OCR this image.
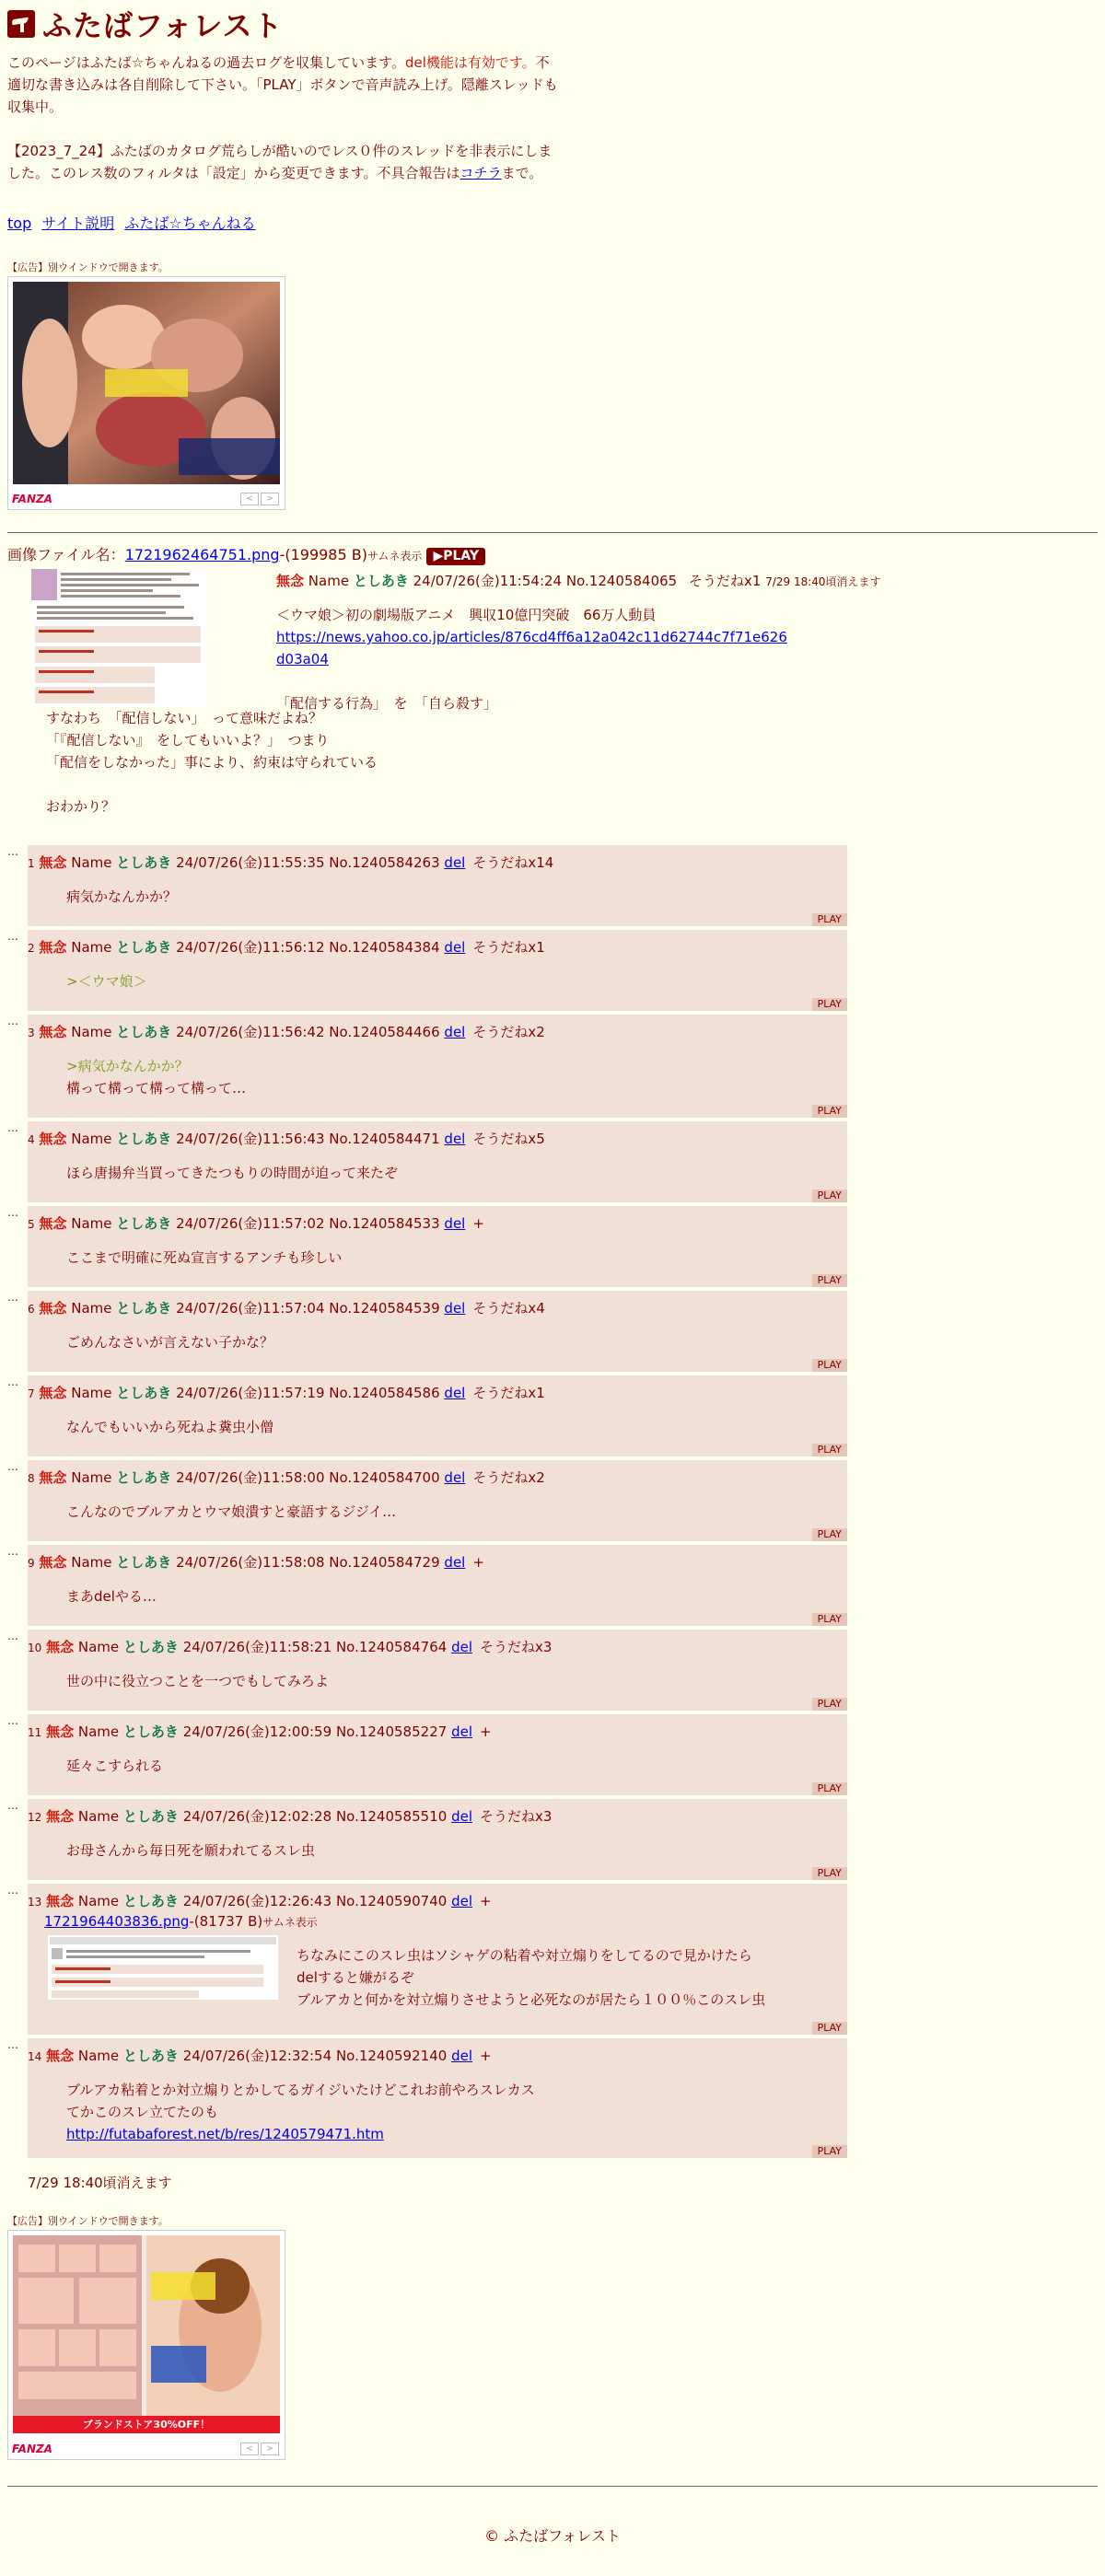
ふたばフォレスト

このページはふたば☆ちゃんねるの過去ログを収集しています。del機能は有効です。不適切な書き込みは各自削除して下さい。「PLAY」ボタンで音声読み上げ。隠離スレッドも収集中。

【2023_7_24】ふたばのカタログ荒らしが酷いのでレス０件のスレッドを非表示にしました。このレス数のフィルタは「設定」から変更できます。不具合報告はコチラまで。

top サイト説明 ふたば☆ちゃんねる
【広告】別ウインドウで開きます。
FANZA	<	>
画像ファイル名：1721962464751.png-(199985 B)サムネ表示 ▶PLAY
無念 Name としあき 24/07/26(金)11:54:24 No.1240584065 そうだねx1 7/29 18:40頃消えます
＜ウマ娘＞初の劇場版アニメ　興収10億円突破　66万人動員
https://news.yahoo.co.jp/articles/876cd4ff6a12a042c11d62744c7f71e626
d03a04
「配信する行為」　を　「自ら殺す」
すなわち　「配信しない」　って意味だよね？
「『配信しない』　をしてもいいよ？」　つまり
「配信をしなかった」事により、約束は守られている
おわかり？
…
1 無念 Name としあき 24/07/26(金)11:55:35 No.1240584263 del そうだねx14
病気かなんかか？
PLAY
…
2 無念 Name としあき 24/07/26(金)11:56:12 No.1240584384 del そうだねx1
>＜ウマ娘＞
PLAY
…
3 無念 Name としあき 24/07/26(金)11:56:42 No.1240584466 del そうだねx2
>病気かなんかか？
構って構って構って構って…
PLAY
…
4 無念 Name としあき 24/07/26(金)11:56:43 No.1240584471 del そうだねx5
ほら唐揚弁当買ってきたつもりの時間が迫って来たぞ
PLAY
…
5 無念 Name としあき 24/07/26(金)11:57:02 No.1240584533 del +
ここまで明確に死ぬ宣言するアンチも珍しい
PLAY
…
6 無念 Name としあき 24/07/26(金)11:57:04 No.1240584539 del そうだねx4
ごめんなさいが言えない子かな？
PLAY
…
7 無念 Name としあき 24/07/26(金)11:57:19 No.1240584586 del そうだねx1
なんでもいいから死ねよ糞虫小僧
PLAY
…
8 無念 Name としあき 24/07/26(金)11:58:00 No.1240584700 del そうだねx2
こんなのでブルアカとウマ娘潰すと豪語するジジイ…
PLAY
…
9 無念 Name としあき 24/07/26(金)11:58:08 No.1240584729 del +
まあdelやる…
PLAY
…
10 無念 Name としあき 24/07/26(金)11:58:21 No.1240584764 del そうだねx3
世の中に役立つことを一つでもしてみろよ
PLAY
…
11 無念 Name としあき 24/07/26(金)12:00:59 No.1240585227 del +
延々こすられる
PLAY
…
12 無念 Name としあき 24/07/26(金)12:02:28 No.1240585510 del そうだねx3
お母さんから毎日死を願われてるスレ虫
PLAY
…
13 無念 Name としあき 24/07/26(金)12:26:43 No.1240590740 del +
1721964403836.png-(81737 B)サムネ表示
ちなみにこのスレ虫はソシャゲの粘着や対立煽りをしてるので見かけたら
delすると嫌がるぞ
ブルアカと何かを対立煽りさせようと必死なのが居たら１００％このスレ虫
PLAY
…
14 無念 Name としあき 24/07/26(金)12:32:54 No.1240592140 del +
ブルアカ粘着とか対立煽りとかしてるガイジいたけどこれお前やろスレカス
てかこのスレ立てたのも
http://futabaforest.net/b/res/1240579471.htm
PLAY
7/29 18:40頃消えます
【広告】別ウインドウで開きます。
ブランドストア30%OFF！
FANZA	<	>
© ふたばフォレスト
